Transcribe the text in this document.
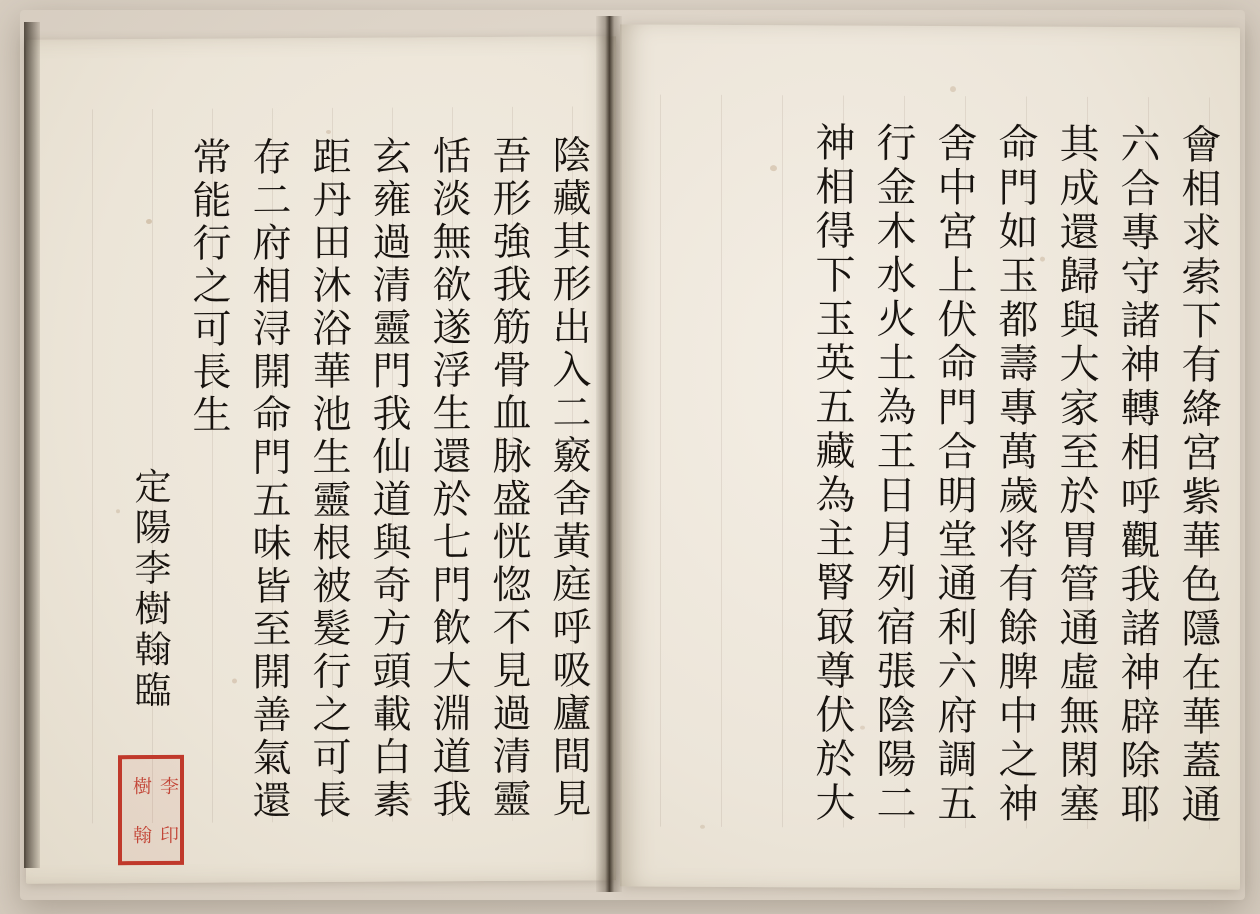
陰藏其形出入二竅舍黃庭呼吸廬間見
吾形強我筋骨血脉盛恍惚不見過清靈
恬淡無欲遂浮生還於七門飲大淵道我
玄雍過清靈門我仙道與奇方頭載白素
距丹田沐浴華池生靈根被髮行之可長
存二府相浔開命門五味皆至開善氣還
常能行之可長生
定陽李樹翰臨
樹 李
翰 印
會相求索下有絳宮紫華色隱在華蓋通
六合專守諸神轉相呼觀我諸神辟除耶
其成還歸與大家至於胃管通虛無閑塞
命門如玉都壽專萬歲将有餘脾中之神
舍中宮上伏命門合明堂通利六府調五
行金木水火土為王日月列宿張陰陽二
神相得下玉英五藏為主腎冣尊伏於大
